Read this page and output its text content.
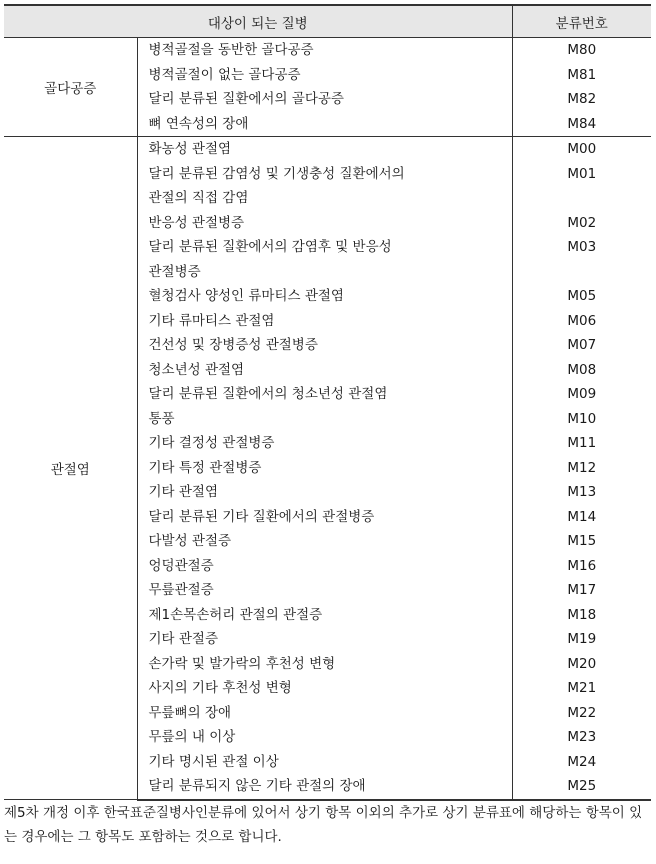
대상이 되는 질병		분류번호
골다공증	병적골절을 동반한 골다공증	M80

	병적골절이 없는 골다공증	M81

	달리 분류된 질환에서의 골다공증	M82

	뼈 연속성의 장애	M84
관절염	화농성 관절염	M00

	달리 분류된 감염성 및 기생충성 질환에서의
관절의 직접 감염	M01

	반응성 관절병증	M02

	달리 분류된 질환에서의 감염후 및 반응성
관절병증	M03

	혈청검사 양성인 류마티스 관절염	M05

	기타 류마티스 관절염	M06

	건선성 및 장병증성 관절병증	M07

	청소년성 관절염	M08

	달리 분류된 질환에서의 청소년성 관절염	M09

	통풍	M10

	기타 결정성 관절병증	M11

	기타 특정 관절병증	M12

	기타 관절염	M13

	달리 분류된 기타 질환에서의 관절병증	M14

	다발성 관절증	M15

	엉덩관절증	M16

	무릎관절증	M17

	제1손목손허리 관절의 관절증	M18

	기타 관절증	M19

	손가락 및 발가락의 후천성 변형	M20

	사지의 기타 후천성 변형	M21

	무릎뼈의 장애	M22

	무릎의 내 이상	M23

	기타 명시된 관절 이상	M24

	달리 분류되지 않은 기타 관절의 장애	M25
제5차 개정 이후 한국표준질병사인분류에 있어서 상기 항목 이외의 추가로 상기 분류표에 해당하는 항목이 있는 경우에는 그 항목도 포함하는 것으로 합니다.
